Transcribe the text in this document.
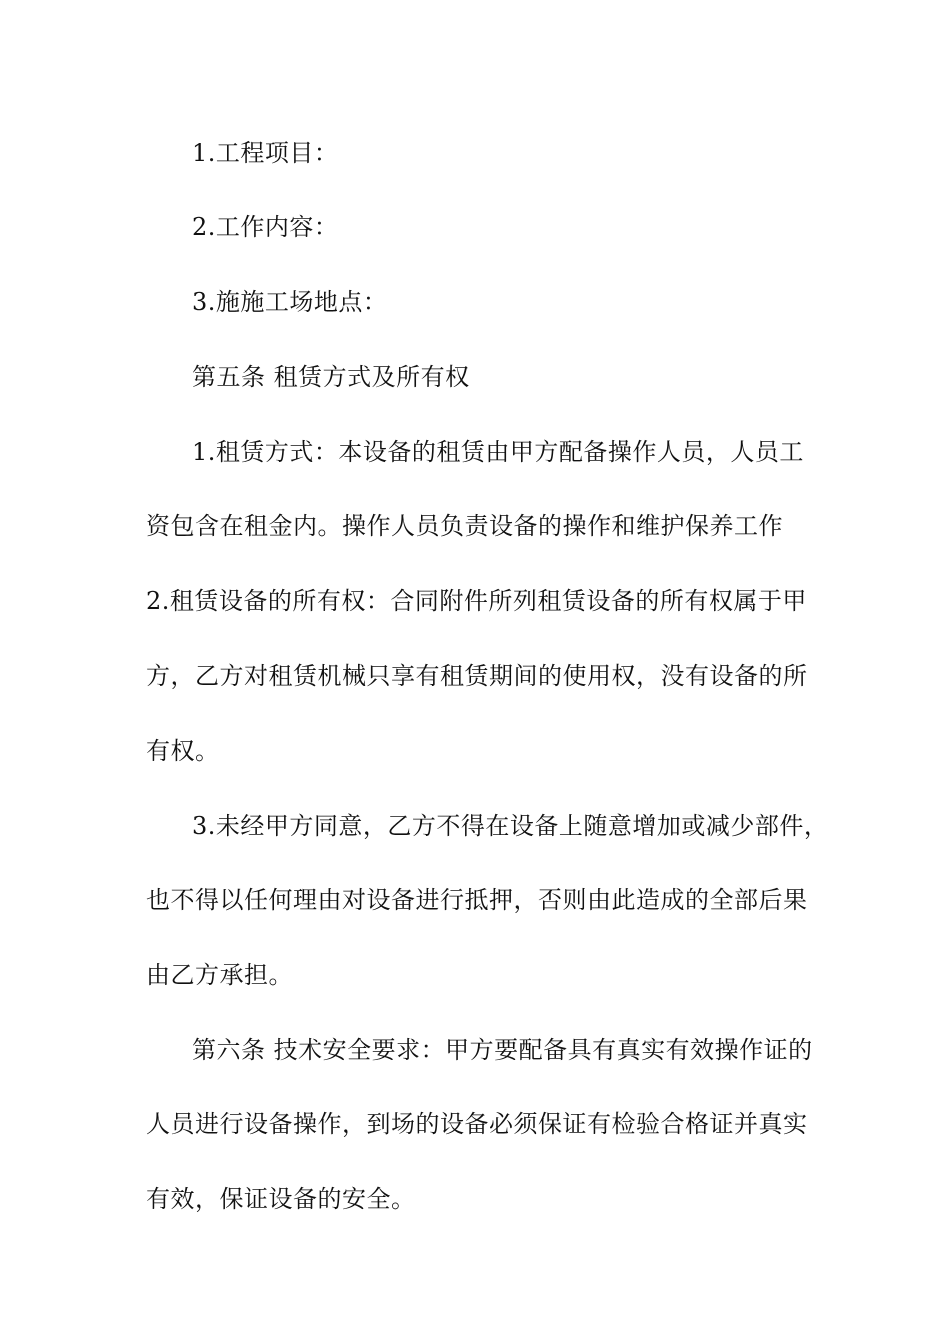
1.工程项目：
2.工作内容：
3.施施工场地点：
第五条 租赁方式及所有权
1.租赁方式：本设备的租赁由甲方配备操作人员，人员工
资包含在租金内。操作人员负责设备的操作和维护保养工作
2.租赁设备的所有权：合同附件所列租赁设备的所有权属于甲
方，乙方对租赁机械只享有租赁期间的使用权，没有设备的所
有权。
3.未经甲方同意，乙方不得在设备上随意增加或减少部件，
也不得以任何理由对设备进行抵押，否则由此造成的全部后果
由乙方承担。
第六条 技术安全要求：甲方要配备具有真实有效操作证的
人员进行设备操作，到场的设备必须保证有检验合格证并真实
有效，保证设备的安全。
